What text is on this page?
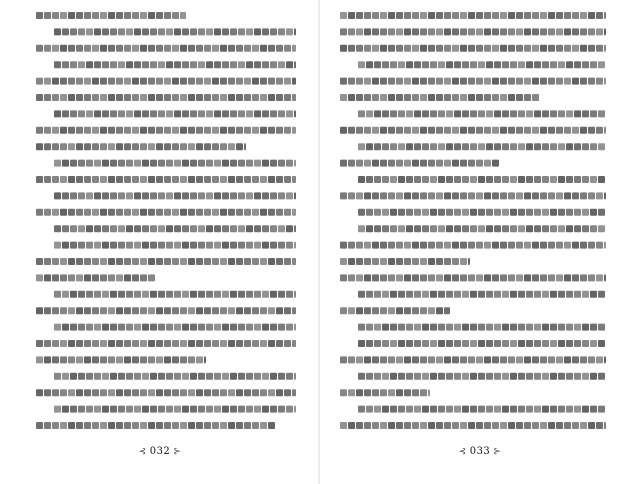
⊰ 032 ⊱	⊰ 033 ⊱
